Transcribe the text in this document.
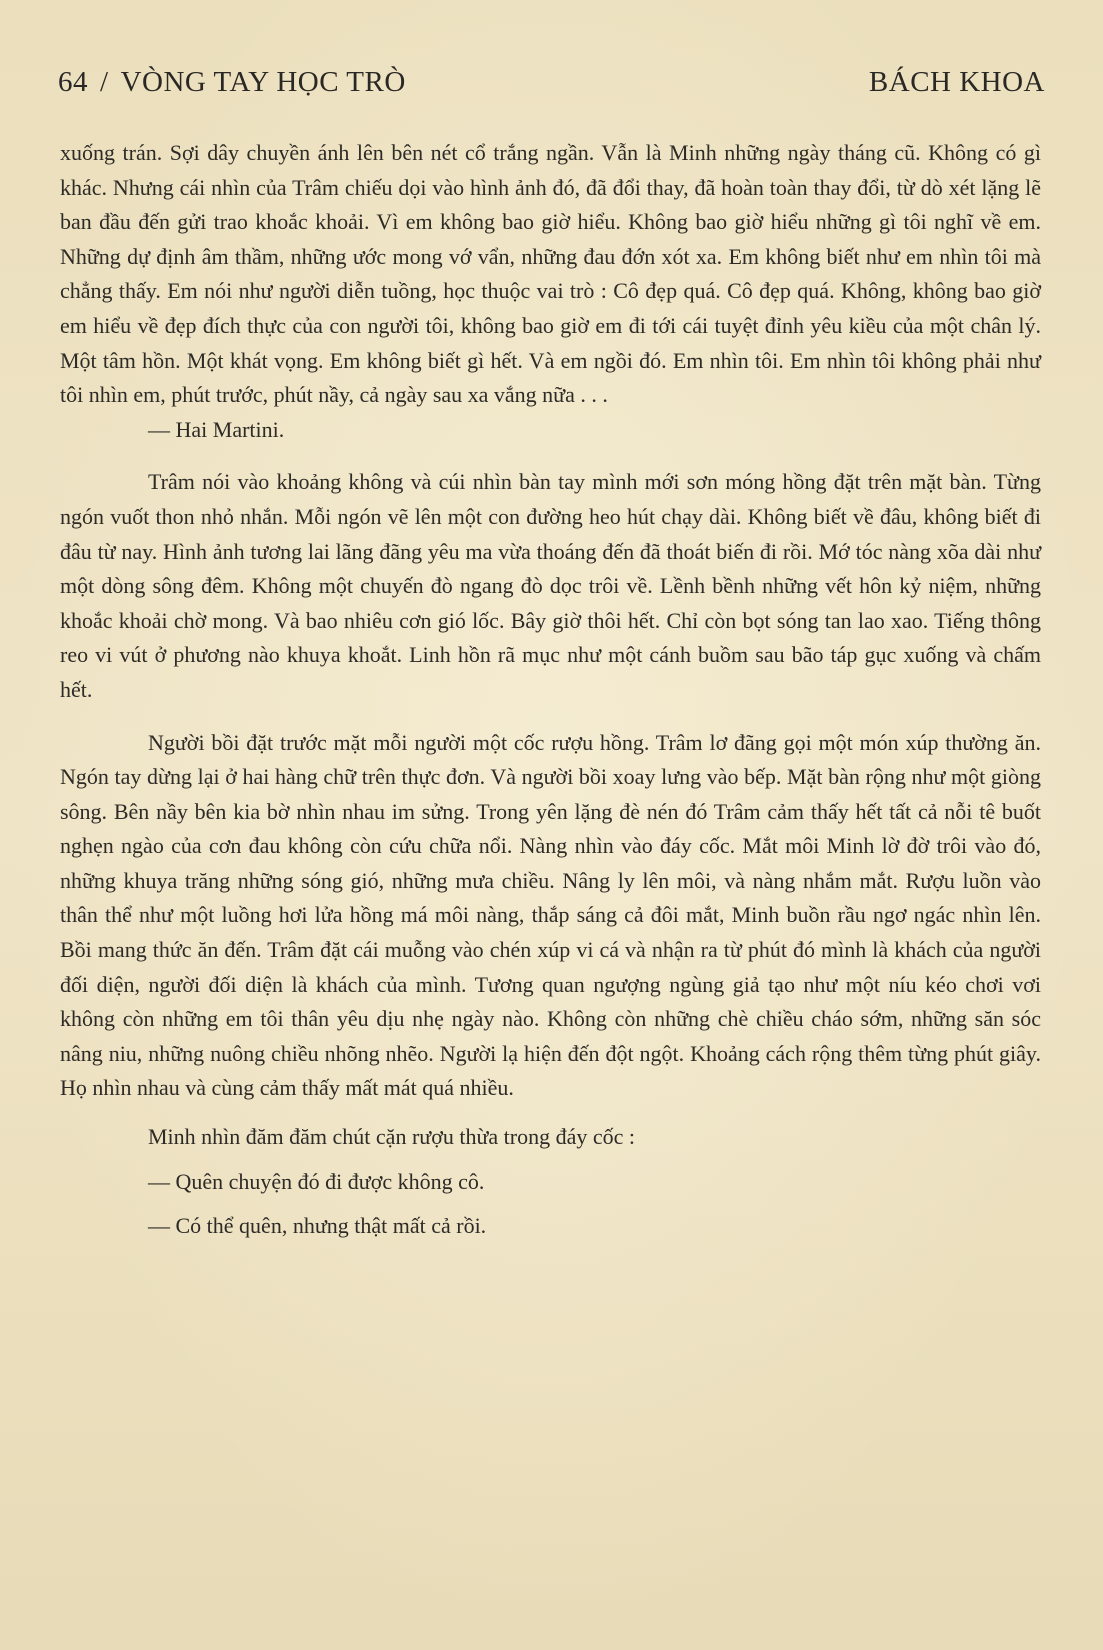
64 / VÒNG TAY HỌC TRÒ	BÁCH KHOA

xuống trán. Sợi dây chuyền ánh lên bên nét cổ trắng ngần. Vẫn là Minh những ngày tháng cũ. Không có gì khác. Nhưng cái nhìn của Trâm chiếu dọi vào hình ảnh đó, đã đổi thay, đã hoàn toàn thay đổi, từ dò xét lặng lẽ ban đầu đến gửi trao khoắc khoải. Vì em không bao giờ hiểu. Không bao giờ hiểu những gì tôi nghĩ về em. Những dự định âm thầm, những ước mong vớ vẩn, những đau đớn xót xa. Em không biết như em nhìn tôi mà chẳng thấy. Em nói như người diễn tuồng, học thuộc vai trò : Cô đẹp quá. Cô đẹp quá. Không, không bao giờ em hiểu về đẹp đích thực của con người tôi, không bao giờ em đi tới cái tuyệt đỉnh yêu kiều của một chân lý. Một tâm hồn. Một khát vọng. Em không biết gì hết. Và em ngồi đó. Em nhìn tôi. Em nhìn tôi không phải như tôi nhìn em, phút trước, phút nầy, cả ngày sau xa vắng nữa . . .

— Hai Martini.

Trâm nói vào khoảng không và cúi nhìn bàn tay mình mới sơn móng hồng đặt trên mặt bàn. Từng ngón vuốt thon nhỏ nhắn. Mỗi ngón vẽ lên một con đường heo hút chạy dài. Không biết về đâu, không biết đi đâu từ nay. Hình ảnh tương lai lãng đãng yêu ma vừa thoáng đến đã thoát biến đi rồi. Mớ tóc nàng xõa dài như một dòng sông đêm. Không một chuyến đò ngang đò dọc trôi về. Lềnh bềnh những vết hôn kỷ niệm, những khoắc khoải chờ mong. Và bao nhiêu cơn gió lốc. Bây giờ thôi hết. Chỉ còn bọt sóng tan lao xao. Tiếng thông reo vi vút ở phương nào khuya khoắt. Linh hồn rã mục như một cánh buồm sau bão táp gục xuống và chấm hết.

Người bồi đặt trước mặt mỗi người một cốc rượu hồng. Trâm lơ đãng gọi một món xúp thường ăn. Ngón tay dừng lại ở hai hàng chữ trên thực đơn. Và người bồi xoay lưng vào bếp. Mặt bàn rộng như một giòng sông. Bên nầy bên kia bờ nhìn nhau im sửng. Trong yên lặng đè nén đó Trâm cảm thấy hết tất cả nỗi tê buốt nghẹn ngào của cơn đau không còn cứu chữa nổi. Nàng nhìn vào đáy cốc. Mắt môi Minh lờ đờ trôi vào đó, những khuya trăng những sóng gió, những mưa chiều. Nâng ly lên môi, và nàng nhắm mắt. Rượu luồn vào thân thể như một luồng hơi lửa hồng má môi nàng, thắp sáng cả đôi mắt, Minh buồn rầu ngơ ngác nhìn lên. Bồi mang thức ăn đến. Trâm đặt cái muỗng vào chén xúp vi cá và nhận ra từ phút đó mình là khách của người đối diện, người đối diện là khách của mình. Tương quan ngượng ngùng giả tạo như một níu kéo chơi vơi không còn những em tôi thân yêu dịu nhẹ ngày nào. Không còn những chè chiều cháo sớm, những săn sóc nâng niu, những nuông chiều nhõng nhẽo. Người lạ hiện đến đột ngột. Khoảng cách rộng thêm từng phút giây. Họ nhìn nhau và cùng cảm thấy mất mát quá nhiều.

Minh nhìn đăm đăm chút cặn rượu thừa trong đáy cốc :

— Quên chuyện đó đi được không cô.

— Có thể quên, nhưng thật mất cả rồi.
